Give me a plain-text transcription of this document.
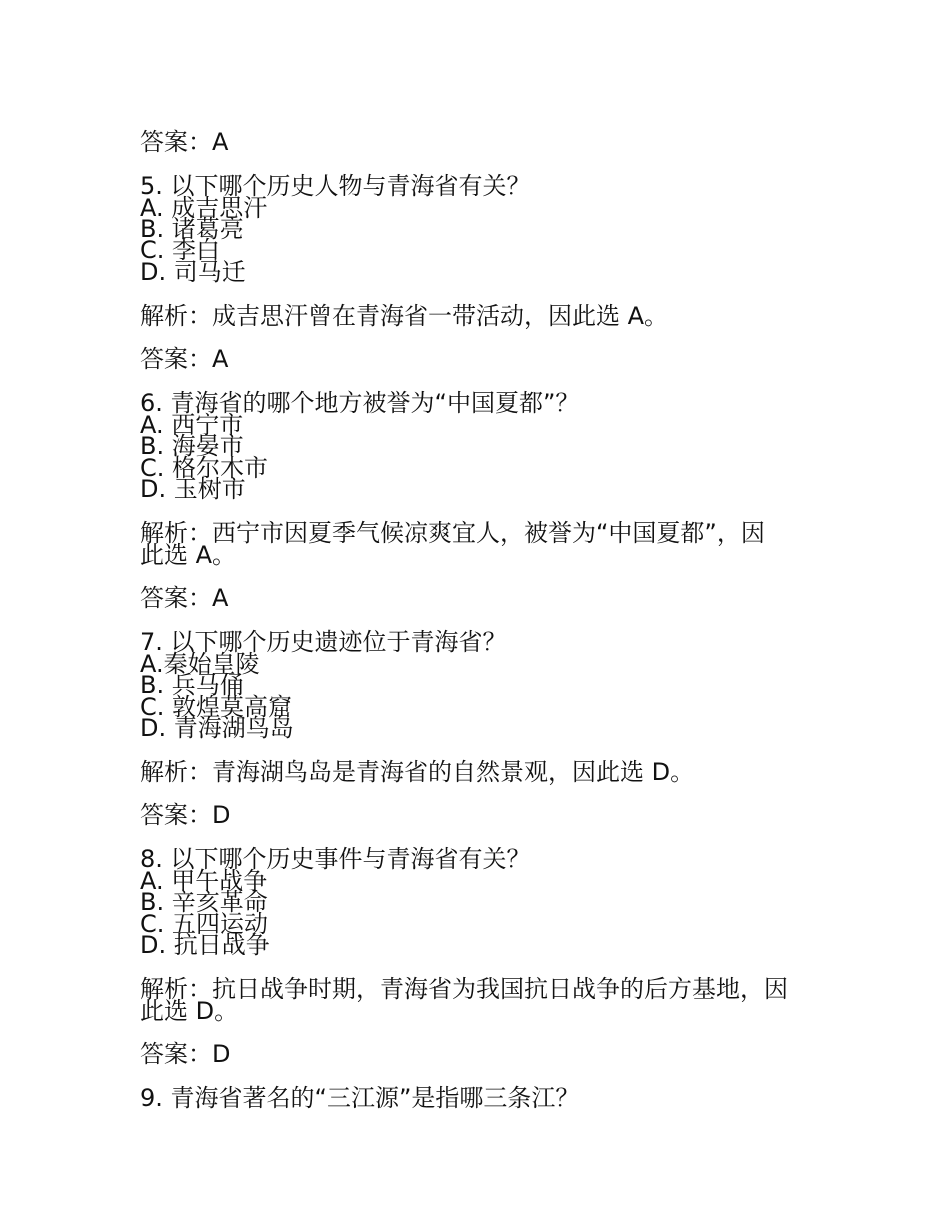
答案：A

5. 以下哪个历史人物与青海省有关？

A. 成吉思汗

B. 诸葛亮

C. 李白

D. 司马迁

解析：成吉思汗曾在青海省一带活动，因此选 A。

答案：A

6. 青海省的哪个地方被誉为“中国夏都”？

A. 西宁市

B. 海晏市

C. 格尔木市

D. 玉树市

解析：西宁市因夏季气候凉爽宜人，被誉为“中国夏都”，因

此选 A。

答案：A

7. 以下哪个历史遗迹位于青海省？

A.秦始皇陵

B. 兵马俑

C. 敦煌莫高窟

D. 青海湖鸟岛

解析：青海湖鸟岛是青海省的自然景观，因此选 D。

答案：D

8. 以下哪个历史事件与青海省有关？

A. 甲午战争

B. 辛亥革命

C. 五四运动

D. 抗日战争

解析：抗日战争时期，青海省为我国抗日战争的后方基地，因

此选 D。

答案：D

9. 青海省著名的“三江源”是指哪三条江？
